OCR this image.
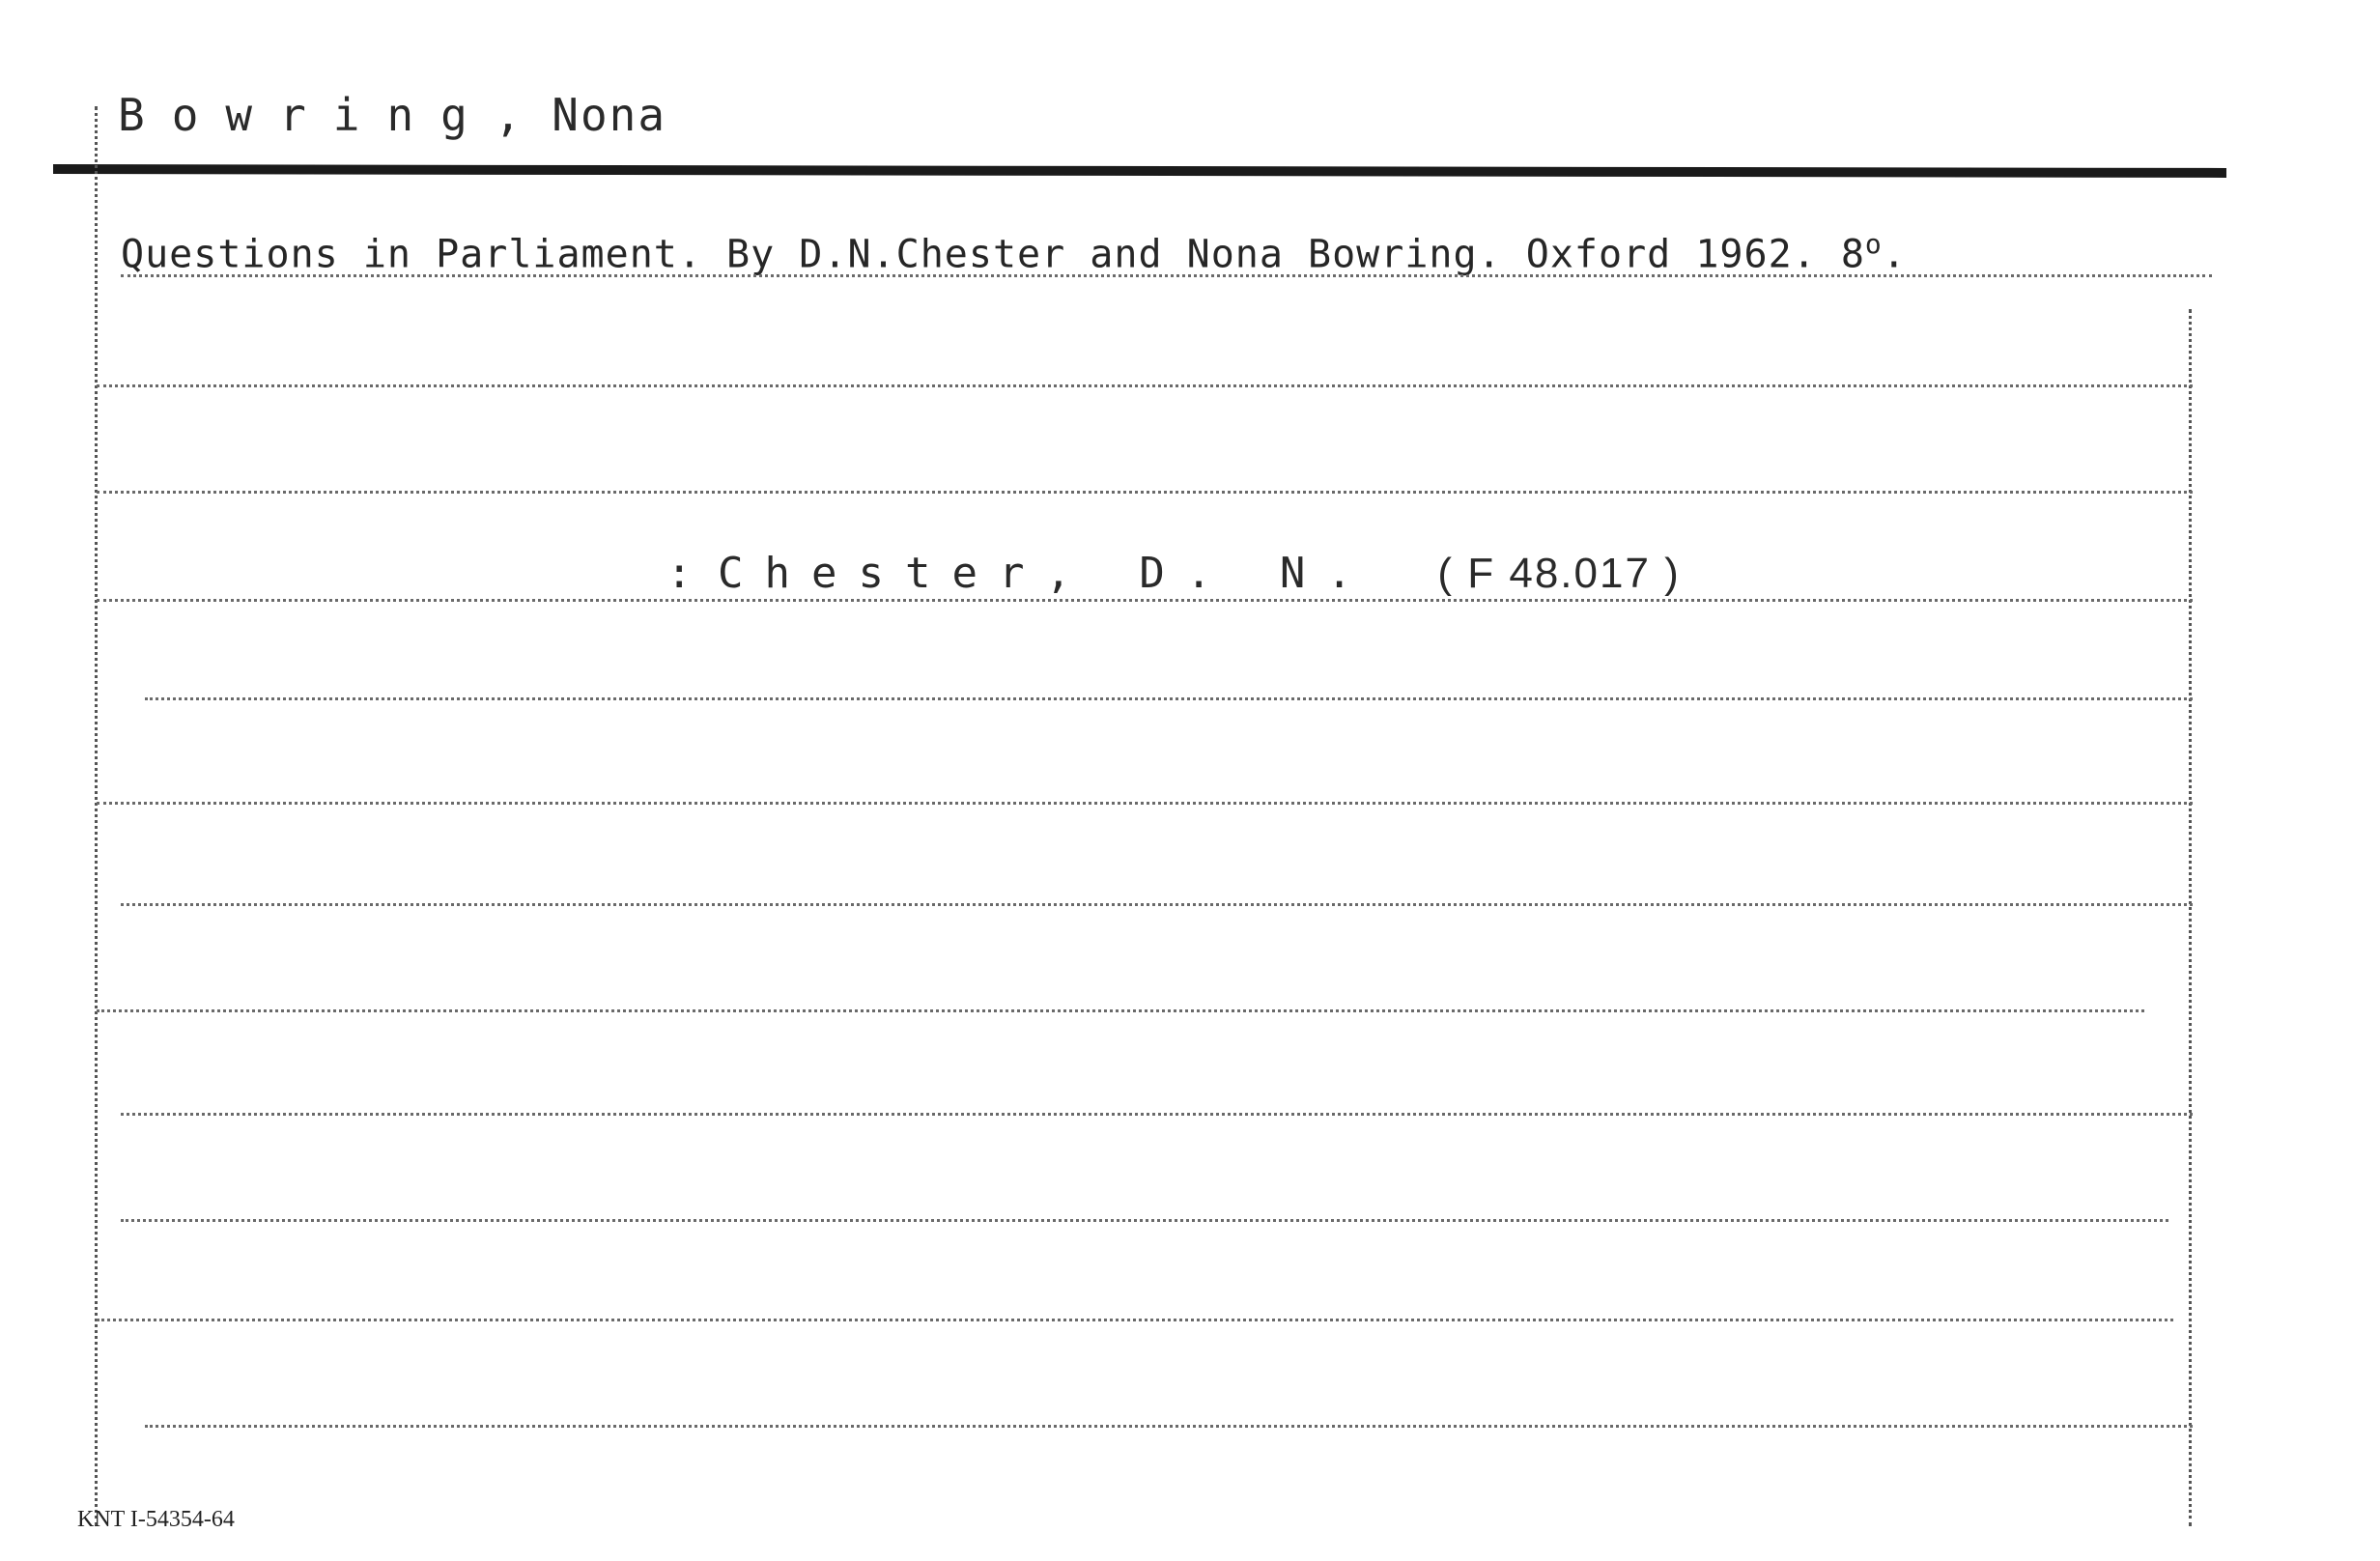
Bowring, Nona
Questions in Parliament. By D.N.Chester and Nona Bowring. Oxford 1962. 8$^o$.
: Chester, D. N. ( F 48.017 )
KNT I-54354-64
